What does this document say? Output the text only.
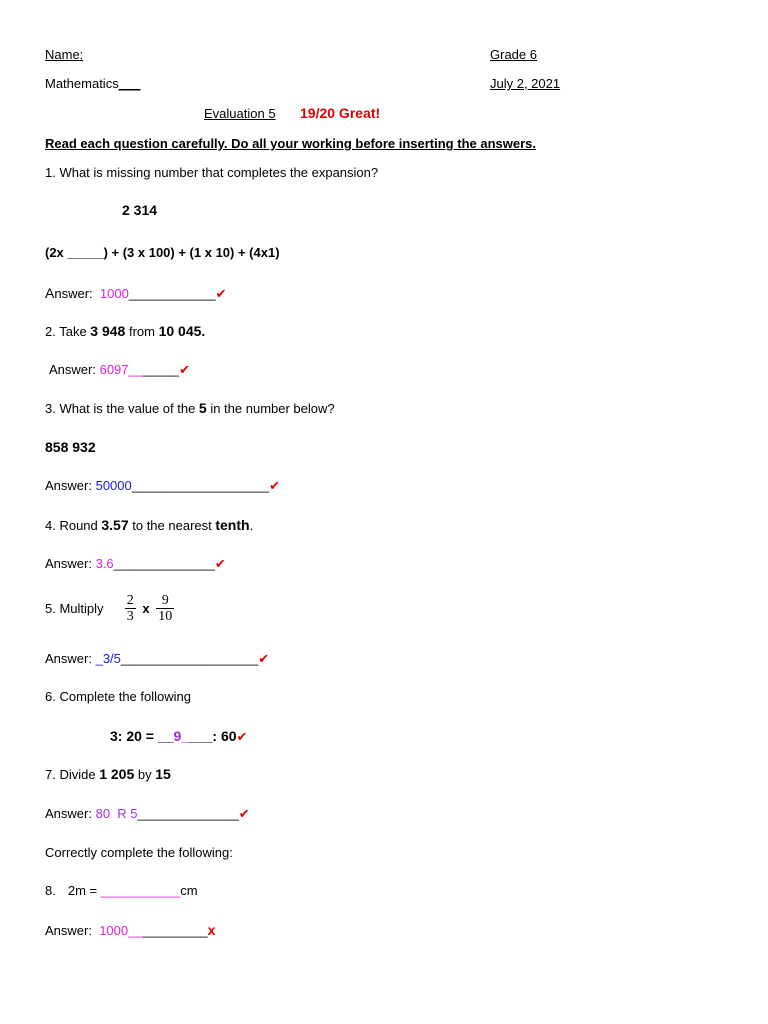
Name:	Grade 6
Mathematics___	July 2, 2021
Evaluation 5 19/20 Great!
Read each question carefully. Do all your working before inserting the answers.
1. What is missing number that completes the expansion?
2 314
(2x _____) + (3 x 100) + (1 x 10) + (4x1)
Answer: 1000____________✔
2. Take 3 948 from 10 045.
Answer: 6097_______✔
3. What is the value of the 5 in the number below?
858 932
Answer: 50000___________________✔
4. Round 3.57 to the nearest tenth.
Answer: 3.6______________✔
5. Multiply $\frac{2}{3}$ x $\frac{9}{10}$
Answer: _3/5___________________✔
6. Complete the following
3: 20 = __9____: 60✔
7. Divide 1 205 by 15
Answer: 80  R 5______________✔
Correctly complete the following:
8. 2m = ___________cm
Answer: 1000___________x
